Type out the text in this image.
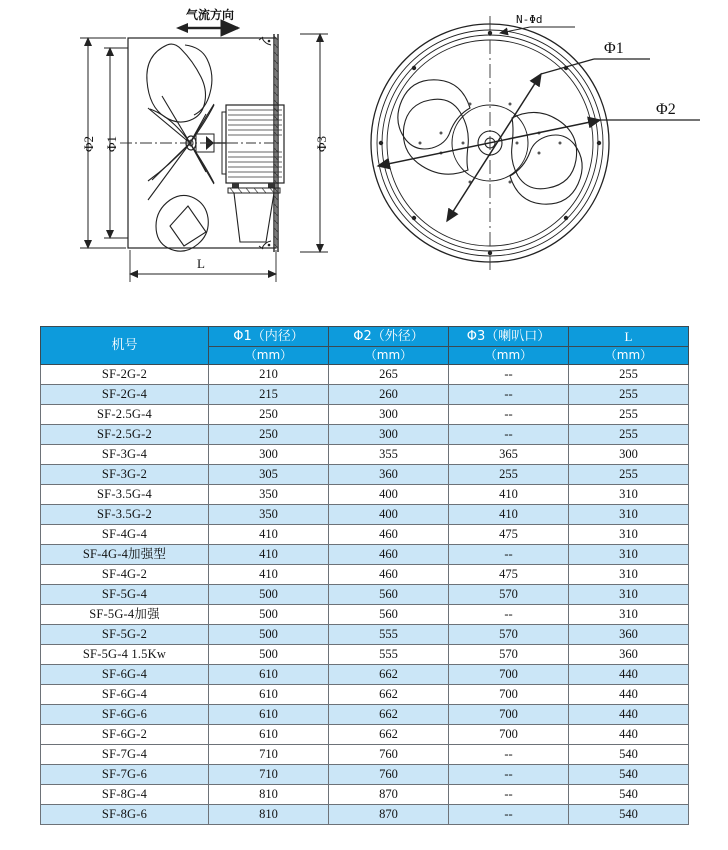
气流方向
Φ2 Φ1	Φ3
L
N-Φd
Φ1
Φ2
机号	Φ1（内径）	Φ2（外径）	Φ3（喇叭口）	L
	（mm）	（mm）	（mm）	（mm）
SF-2G-2	210	265	--	255
SF-2G-4	215	260	--	255
SF-2.5G-4	250	300	--	255
SF-2.5G-2	250	300	--	255
SF-3G-4	300	355	365	300
SF-3G-2	305	360	255	255
SF-3.5G-4	350	400	410	310
SF-3.5G-2	350	400	410	310
SF-4G-4	410	460	475	310
SF-4G-4加强型	410	460	--	310
SF-4G-2	410	460	475	310
SF-5G-4	500	560	570	310
SF-5G-4加强	500	560	--	310
SF-5G-2	500	555	570	360
SF-5G-4 1.5Kw	500	555	570	360
SF-6G-4	610	662	700	440
SF-6G-4	610	662	700	440
SF-6G-6	610	662	700	440
SF-6G-2	610	662	700	440
SF-7G-4	710	760	--	540
SF-7G-6	710	760	--	540
SF-8G-4	810	870	--	540
SF-8G-6	810	870	--	540
